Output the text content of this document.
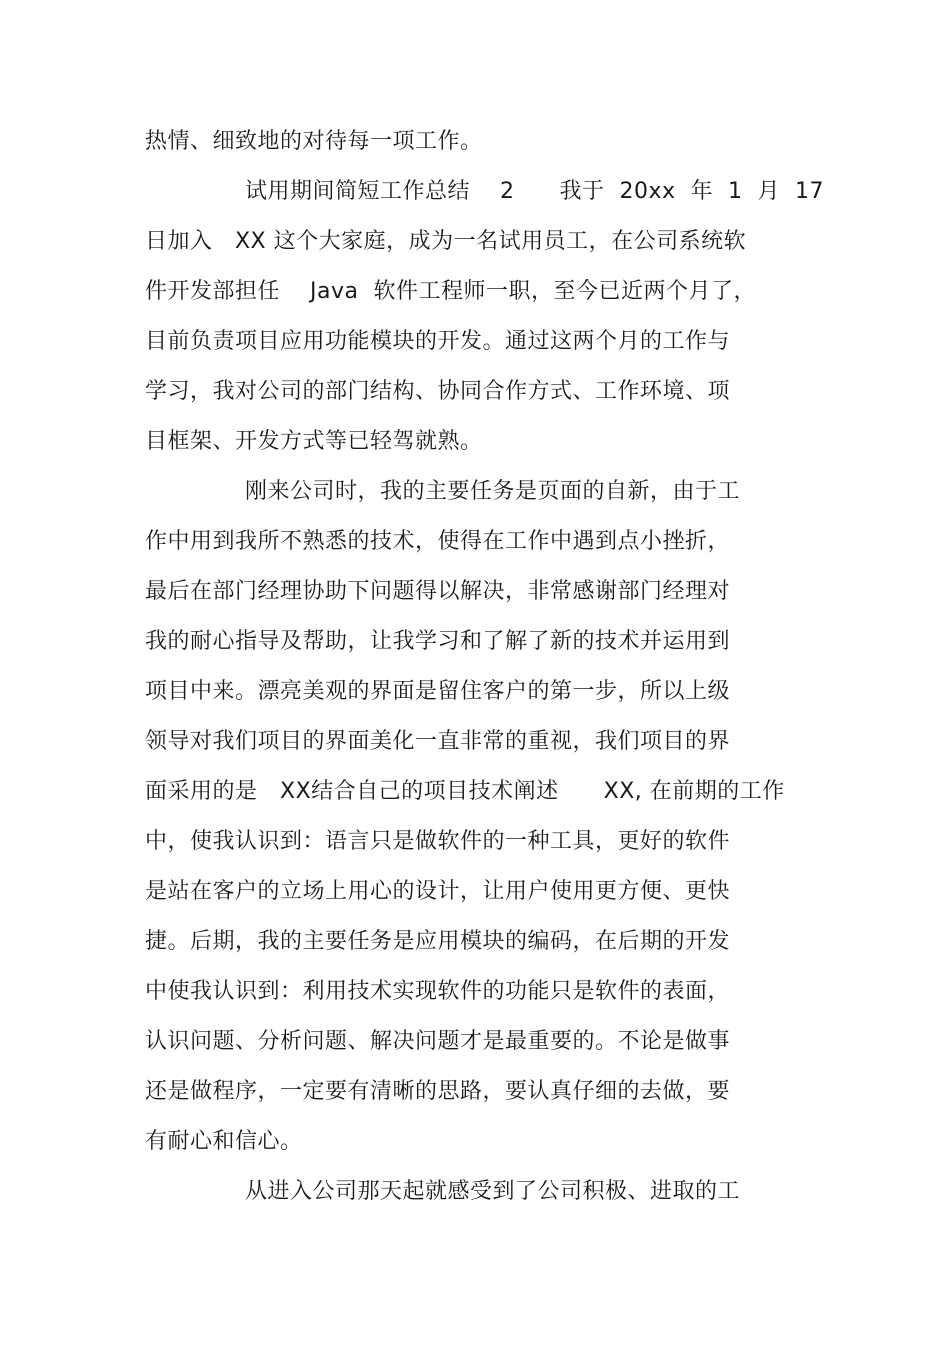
热情、细致地的对待每一项工作。
试用期间简短工作总结　 2　　我于  20xx  年  1  月  17
日加入   XX 这个大家庭，成为一名试用员工，在公司系统软
件开发部担任　 Java  软件工程师一职，至今已近两个月了，
目前负责项目应用功能模块的开发。通过这两个月的工作与
学习，我对公司的部门结构、协同合作方式、工作环境、项
目框架、开发方式等已轻驾就熟。
刚来公司时，我的主要任务是页面的自新，由于工
作中用到我所不熟悉的技术，使得在工作中遇到点小挫折，
最后在部门经理协助下问题得以解决，非常感谢部门经理对
我的耐心指导及帮助，让我学习和了解了新的技术并运用到
项目中来。漂亮美观的界面是留住客户的第一步，所以上级
领导对我们项目的界面美化一直非常的重视，我们项目的界
面采用的是　XX结合自己的项目技术阐述　　XX, 在前期的工作
中，使我认识到：语言只是做软件的一种工具，更好的软件
是站在客户的立场上用心的设计，让用户使用更方便、更快
捷。后期，我的主要任务是应用模块的编码，在后期的开发
中使我认识到：利用技术实现软件的功能只是软件的表面，
认识问题、分析问题、解决问题才是最重要的。不论是做事
还是做程序，一定要有清晰的思路，要认真仔细的去做，要
有耐心和信心。
从进入公司那天起就感受到了公司积极、进取的工
